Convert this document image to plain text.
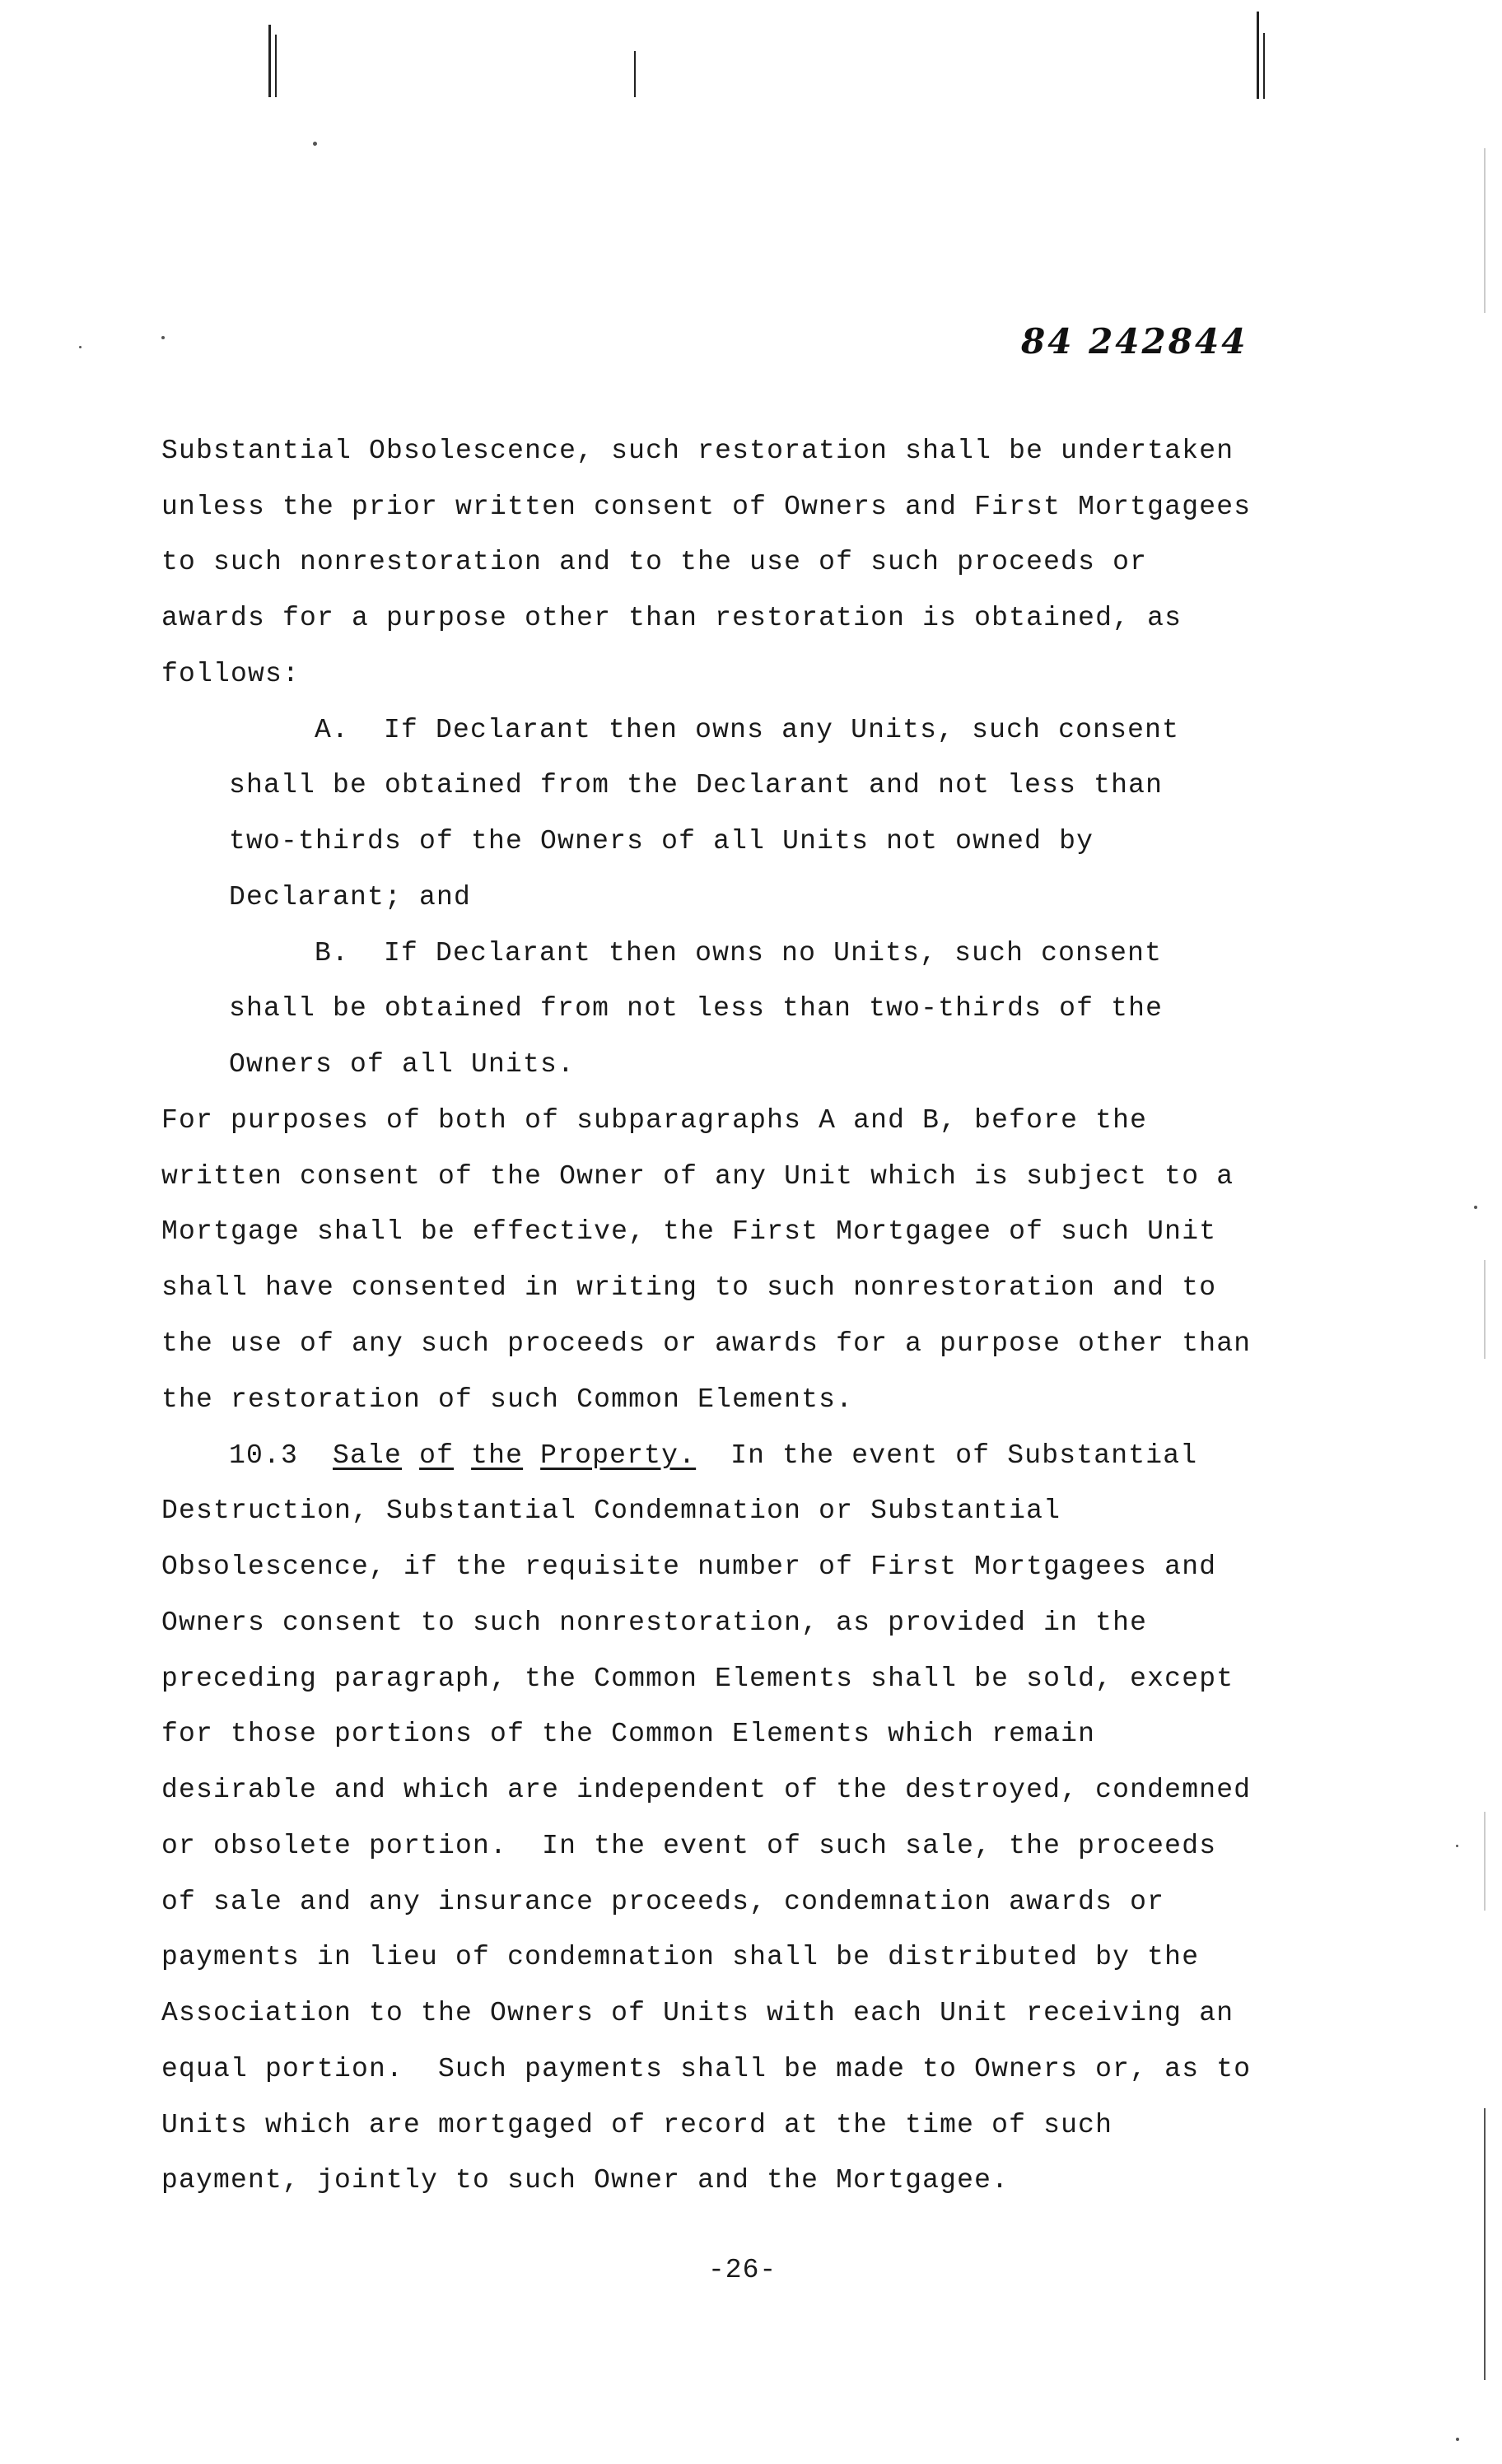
84 242844
Substantial Obsolescence, such restoration shall be undertaken
unless the prior written consent of Owners and First Mortgagees
to such nonrestoration and to the use of such proceeds or
awards for a purpose other than restoration is obtained, as
follows:
A.  If Declarant then owns any Units, such consent
shall be obtained from the Declarant and not less than
two-thirds of the Owners of all Units not owned by
Declarant; and
B.  If Declarant then owns no Units, such consent
shall be obtained from not less than two-thirds of the
Owners of all Units.
For purposes of both of subparagraphs A and B, before the
written consent of the Owner of any Unit which is subject to a
Mortgage shall be effective, the First Mortgagee of such Unit
shall have consented in writing to such nonrestoration and to
the use of any such proceeds or awards for a purpose other than
the restoration of such Common Elements.
10.3 Sale of the Property. In the event of Substantial
Destruction, Substantial Condemnation or Substantial
Obsolescence, if the requisite number of First Mortgagees and
Owners consent to such nonrestoration, as provided in the
preceding paragraph, the Common Elements shall be sold, except
for those portions of the Common Elements which remain
desirable and which are independent of the destroyed, condemned
or obsolete portion.  In the event of such sale, the proceeds
of sale and any insurance proceeds, condemnation awards or
payments in lieu of condemnation shall be distributed by the
Association to the Owners of Units with each Unit receiving an
equal portion.  Such payments shall be made to Owners or, as to
Units which are mortgaged of record at the time of such
payment, jointly to such Owner and the Mortgagee.
-26-
